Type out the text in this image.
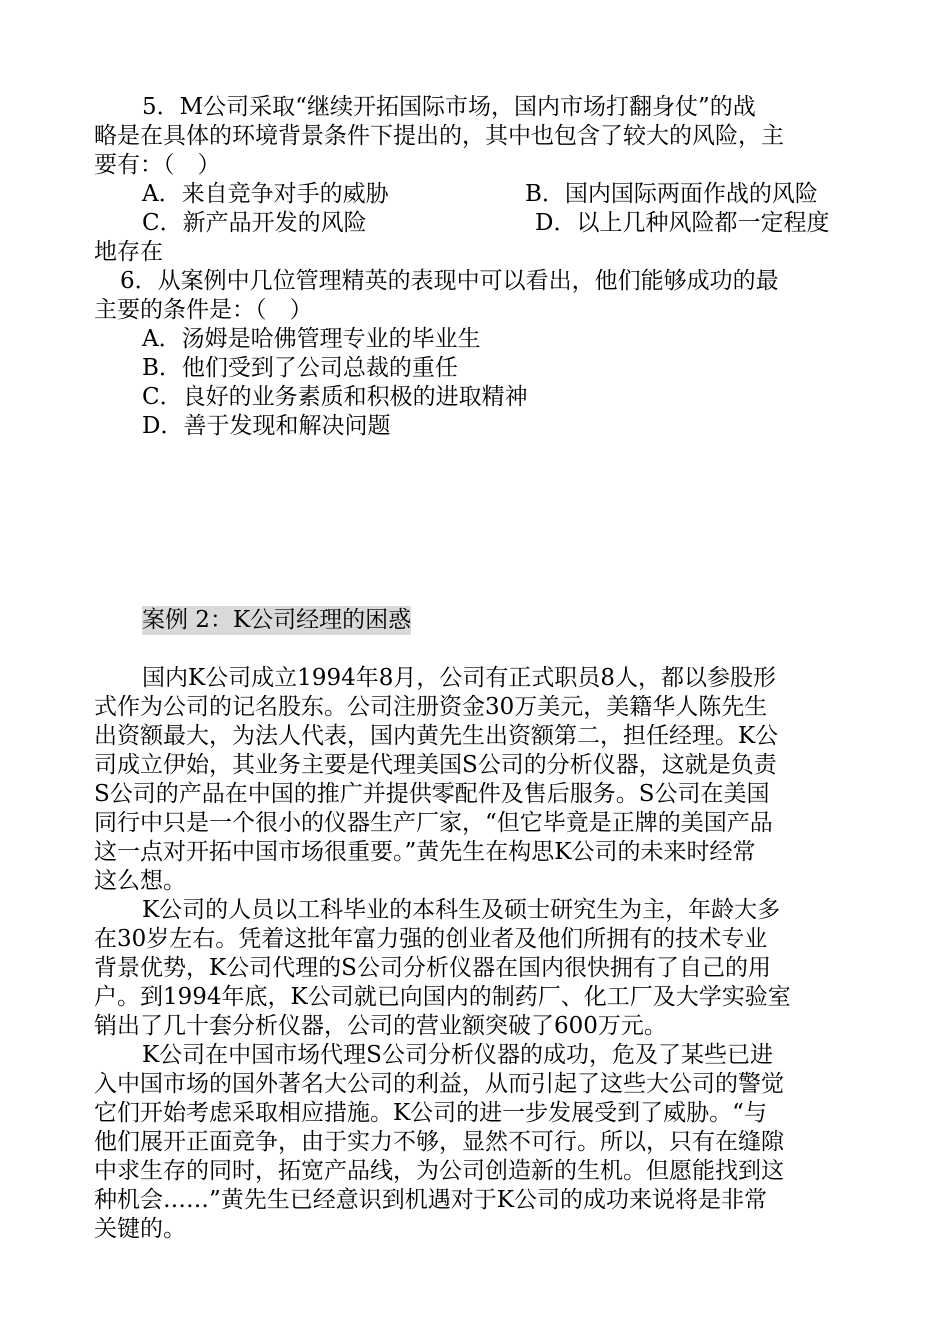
5．M公司采取“继续开拓国际市场，国内市场打翻身仗”的战
略是在具体的环境背景条件下提出的，其中也包含了较大的风险，主
要有：（　）
A．来自竞争对手的威胁	B．国内国际两面作战的风险
C．新产品开发的风险	D．以上几种风险都一定程度
地存在
6．从案例中几位管理精英的表现中可以看出，他们能够成功的最
主要的条件是：（　）
A．汤姆是哈佛管理专业的毕业生
B．他们受到了公司总裁的重任
C．良好的业务素质和积极的进取精神
D．善于发现和解决问题
案例 2：K公司经理的困惑
国内K公司成立1994年8月，公司有正式职员8人，都以参股形
式作为公司的记名股东。公司注册资金30万美元，美籍华人陈先生
出资额最大，为法人代表，国内黄先生出资额第二，担任经理。K公
司成立伊始，其业务主要是代理美国S公司的分析仪器，这就是负责
S公司的产品在中国的推广并提供零配件及售后服务。S公司在美国
同行中只是一个很小的仪器生产厂家，“但它毕竟是正牌的美国产品
这一点对开拓中国市场很重要。”黄先生在构思K公司的未来时经常
这么想。
K公司的人员以工科毕业的本科生及硕士研究生为主，年龄大多
在30岁左右。凭着这批年富力强的创业者及他们所拥有的技术专业
背景优势，K公司代理的S公司分析仪器在国内很快拥有了自己的用
户。到1994年底，K公司就已向国内的制药厂、化工厂及大学实验室
销出了几十套分析仪器，公司的营业额突破了600万元。
K公司在中国市场代理S公司分析仪器的成功，危及了某些已进
入中国市场的国外著名大公司的利益，从而引起了这些大公司的警觉
它们开始考虑采取相应措施。K公司的进一步发展受到了威胁。“与
他们展开正面竞争，由于实力不够，显然不可行。所以，只有在缝隙
中求生存的同时，拓宽产品线，为公司创造新的生机。但愿能找到这
种机会……”黄先生已经意识到机遇对于K公司的成功来说将是非常
关键的。
